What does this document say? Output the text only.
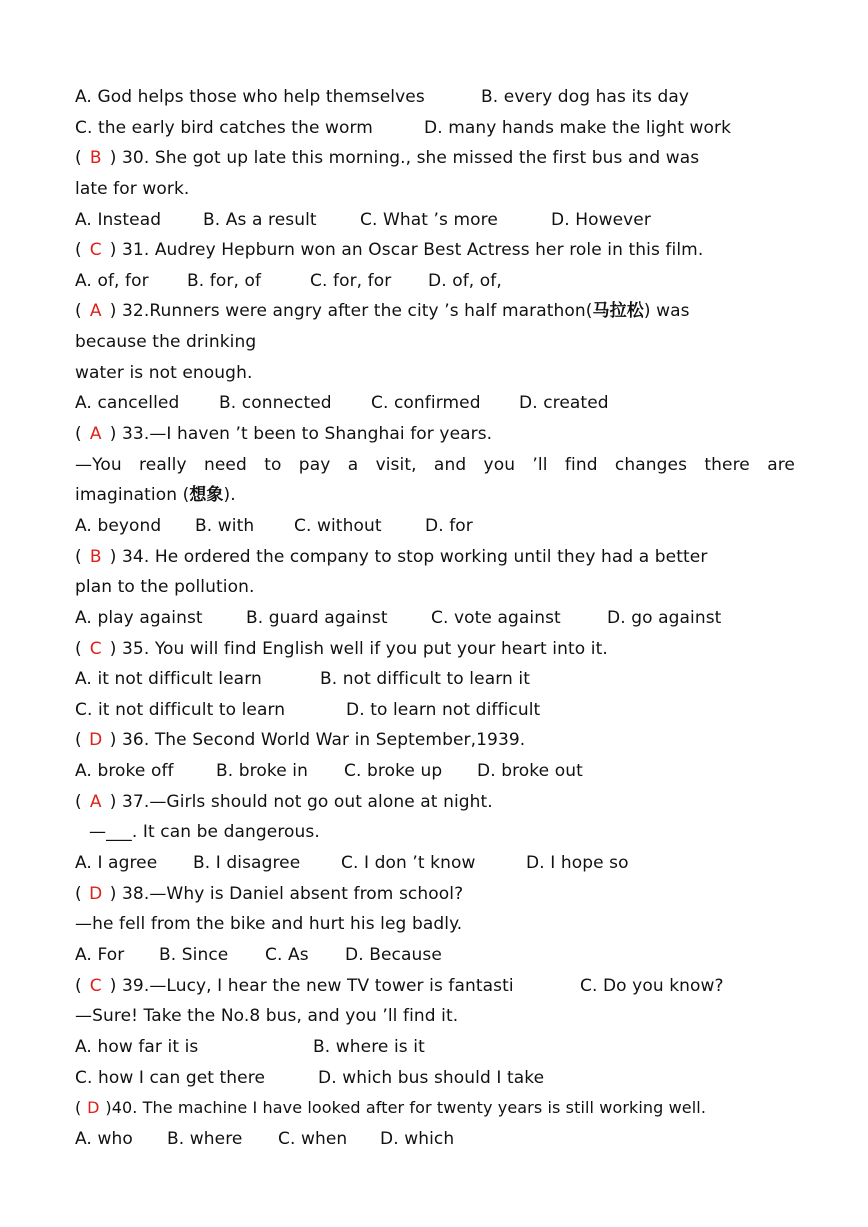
A. God helps those who help themselves	B. every dog has its day
C. the early bird catches the worm	D. many hands make the light work
( B ) 30. She got up late this morning., she missed the first bus and was
late for work.
A. Instead B. As a result	C. What ’s more	D. However
( C ) 31. Audrey Hepburn won an Oscar Best Actress her role in this film.
A. of, for B. for, of	C. for, for D. of, of,
( A ) 32.Runners were angry after the city ’s half marathon(马拉松) was
because the drinking
water is not enough.
A. cancelled B. connected C. confirmed D. created
( A ) 33.—I haven ’t been to Shanghai for years.
—You really need to pay a visit, and you ’ll find changes there are
imagination (想象).
A. beyond B. with C. without	D. for
( B ) 34. He ordered the company to stop working until they had a better
plan to the pollution.
A. play against	B. guard against	C. vote against	D. go against
( C ) 35. You will find English well if you put your heart into it.
A. it not difficult learn	B. not difficult to learn it
C. it not difficult to learn	D. to learn not difficult
( D ) 36. The Second World War in September,1939.
A. broke off B. broke in C. broke up D. broke out
( A ) 37.—Girls should not go out alone at night.
—___. It can be dangerous.
A. I agree B. I disagree C. I don ’t know	D. I hope so
( D ) 38.—Why is Daniel absent from school?
—he fell from the bike and hurt his leg badly.
A. For B. Since C. As D. Because
( C ) 39.—Lucy, I hear the new TV tower is fantasti	C. Do you know?
—Sure! Take the No.8 bus, and you ’ll find it.
A. how far it is	B. where is it
C. how I can get there	D. which bus should I take
( D )40. The machine I have looked after for twenty years is still working well.
A. who B. where C. when D. which
